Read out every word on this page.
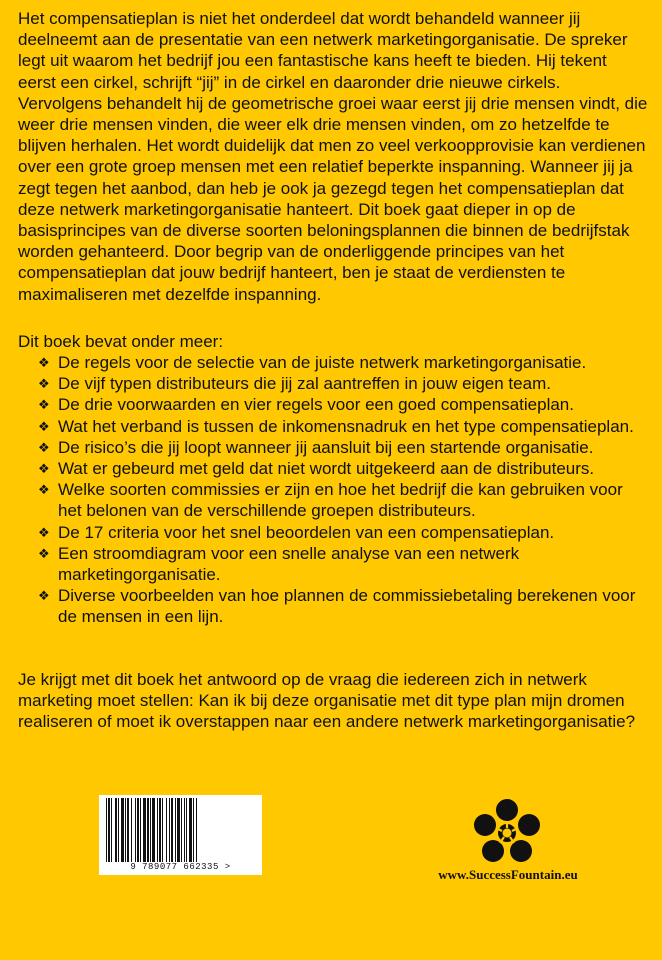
Het compensatieplan is niet het onderdeel dat wordt behandeld wanneer jij deelneemt aan de presentatie van een netwerk marketingorganisatie. De spreker legt uit waarom het bedrijf jou een fantastische kans heeft te bieden. Hij tekent eerst een cirkel, schrijft “jij” in de cirkel en daaronder drie nieuwe cirkels. Vervolgens behandelt hij de geometrische groei waar eerst jij drie mensen vindt, die weer drie mensen vinden, die weer elk drie mensen vinden, om zo hetzelfde te blijven herhalen. Het wordt duidelijk dat men zo veel verkoopprovisie kan verdienen over een grote groep mensen met een relatief beperkte inspanning. Wanneer jij ja zegt tegen het aanbod, dan heb je ook ja gezegd tegen het compensatieplan dat deze netwerk marketingorganisatie hanteert. Dit boek gaat dieper in op de basisprincipes van de diverse soorten beloningsplannen die binnen de bedrijfstak worden gehanteerd. Door begrip van de onderliggende principes van het compensatieplan dat jouw bedrijf hanteert, ben je staat de verdiensten te maximaliseren met dezelfde inspanning.

Dit boek bevat onder meer:

❖ De regels voor de selectie van de juiste netwerk marketingorganisatie.
❖ De vijf typen distributeurs die jij zal aantreffen in jouw eigen team.
❖ De drie voorwaarden en vier regels voor een goed compensatieplan.
❖ Wat het verband is tussen de inkomensnadruk en het type compensatieplan.
❖ De risico’s die jij loopt wanneer jij aansluit bij een startende organisatie.
❖ Wat er gebeurd met geld dat niet wordt uitgekeerd aan de distributeurs.
❖ Welke soorten commissies er zijn en hoe het bedrijf die kan gebruiken voor het belonen van de verschillende groepen distributeurs.
❖ De 17 criteria voor het snel beoordelen van een compensatieplan.
❖ Een stroomdiagram voor een snelle analyse van een netwerk marketingorganisatie.
❖ Diverse voorbeelden van hoe plannen de commissiebetaling berekenen voor de mensen in een lijn.

Je krijgt met dit boek het antwoord op de vraag die iedereen zich in netwerk marketing moet stellen: Kan ik bij deze organisatie met dit type plan mijn dromen realiseren of moet ik overstappen naar een andere netwerk marketingorganisatie?

9 789077 662335 >	www.SuccessFountain.eu
